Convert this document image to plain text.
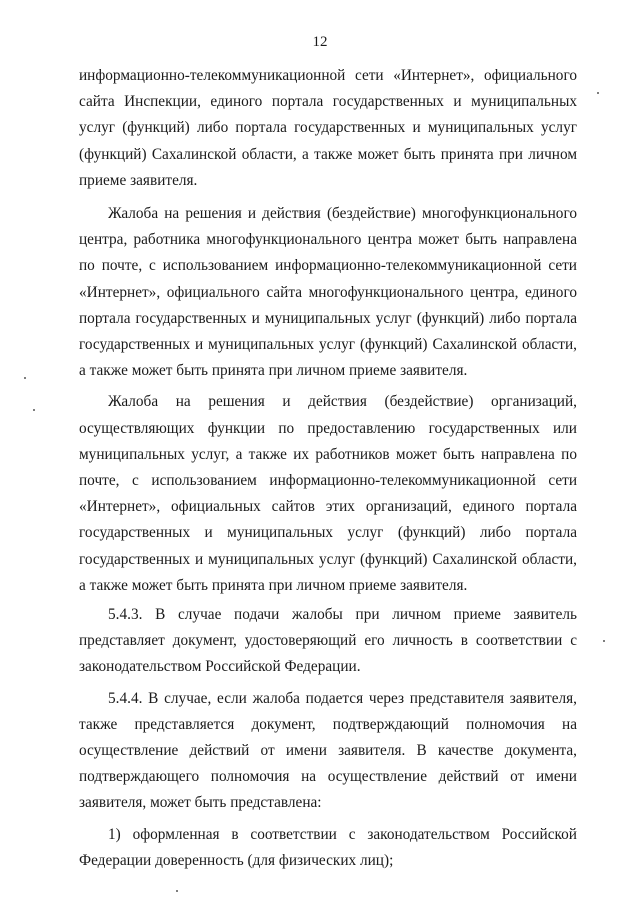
12

информационно-телекоммуникационной сети «Интернет», официального сайта Инспекции, единого портала государственных и муниципальных услуг (функций) либо портала государственных и муниципальных услуг (функций) Сахалинской области, а также может быть принята при личном приеме заявителя.

Жалоба на решения и действия (бездействие) многофункционального центра, работника многофункционального центра может быть направлена по почте, с использованием информационно-телекоммуникационной сети «Интернет», официального сайта многофункционального центра, единого портала государственных и муниципальных услуг (функций) либо портала государственных и муниципальных услуг (функций) Сахалинской области, а также может быть принята при личном приеме заявителя.

Жалоба на решения и действия (бездействие) организаций, осуществляющих функции по предоставлению государственных или муниципальных услуг, а также их работников может быть направлена по почте, с использованием информационно-телекоммуникационной сети «Интернет», официальных сайтов этих организаций, единого портала государственных и муниципальных услуг (функций) либо портала государственных и муниципальных услуг (функций) Сахалинской области, а также может быть принята при личном приеме заявителя.

5.4.3. В случае подачи жалобы при личном приеме заявитель представляет документ, удостоверяющий его личность в соответствии с законодательством Российской Федерации.

5.4.4. В случае, если жалоба подается через представителя заявителя, также представляется документ, подтверждающий полномочия на осуществление действий от имени заявителя. В качестве документа, подтверждающего полномочия на осуществление действий от имени заявителя, может быть представлена:

1) оформленная в соответствии с законодательством Российской Федерации доверенность (для физических лиц);
